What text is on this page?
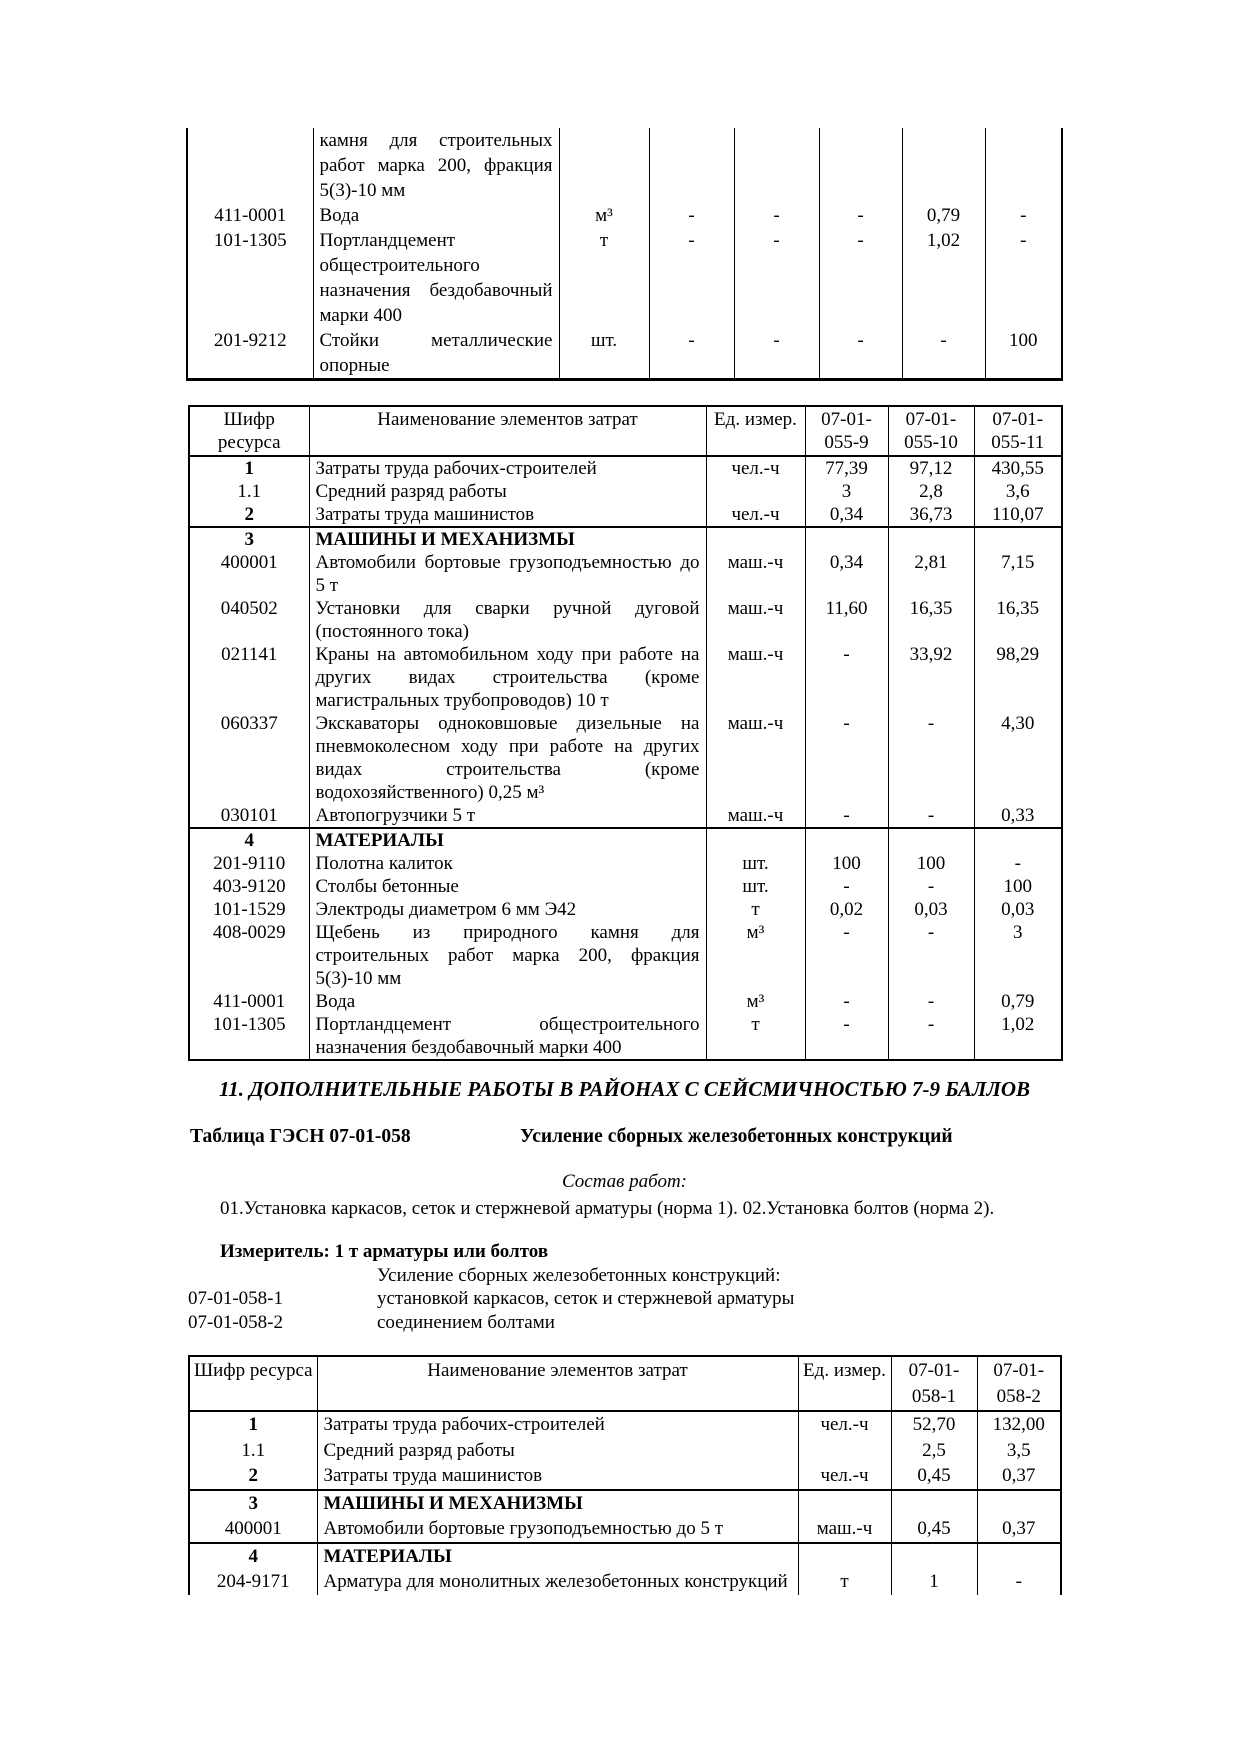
	камня для строительных работ марка 200, фракция 5(3)-10 мм						
411-0001	Вода	м³	-	-	-	0,79	-
101-1305	Портландцемент общестроительного назначения бездобавочный марки 400	т	-	-	-	1,02	-
201-9212	Стойки металлические опорные	шт.	-	-	-	-	100
Шифр ресурса	Наименование элементов затрат	Ед. измер.	07-01-055-9	07-01-055-10	07-01-055-11
1	Затраты труда рабочих-строителей	чел.-ч	77,39	97,12	430,55
1.1	Средний разряд работы		3	2,8	3,6
2	Затраты труда машинистов	чел.-ч	0,34	36,73	110,07
3	МАШИНЫ И МЕХАНИЗМЫ				
400001	Автомобили бортовые грузоподъемностью до 5 т	маш.-ч	0,34	2,81	7,15
040502	Установки для сварки ручной дуговой (постоянного тока)	маш.-ч	11,60	16,35	16,35
021141	Краны на автомобильном ходу при работе на других видах строительства (кроме магистральных трубопроводов) 10 т	маш.-ч	-	33,92	98,29
060337	Экскаваторы одноковшовые дизельные на пневмоколесном ходу при работе на других видах строительства (кроме водохозяйственного) 0,25 м³	маш.-ч	-	-	4,30
030101	Автопогрузчики 5 т	маш.-ч	-	-	0,33
4	МАТЕРИАЛЫ				
201-9110	Полотна калиток	шт.	100	100	-
403-9120	Столбы бетонные	шт.	-	-	100
101-1529	Электроды диаметром 6 мм Э42	т	0,02	0,03	0,03
408-0029	Щебень из природного камня для строительных работ марка 200, фракция 5(3)-10 мм	м³	-	-	3
411-0001	Вода	м³	-	-	0,79
101-1305	Портландцемент общестроительного назначения бездобавочный марки 400	т	-	-	1,02
11. ДОПОЛНИТЕЛЬНЫЕ РАБОТЫ В РАЙОНАХ С СЕЙСМИЧНОСТЬЮ 7-9 БАЛЛОВ
Таблица ГЭСН 07-01-058	Усиление сборных железобетонных конструкций
Состав работ:
01.Установка каркасов, сеток и стержневой арматуры (норма 1). 02.Установка болтов (норма 2).
Измеритель: 1 т арматуры или болтов
Усиление сборных железобетонных конструкций:
07-01-058-1	установкой каркасов, сеток и стержневой арматуры
07-01-058-2	соединением болтами
Шифр ресурса	Наименование элементов затрат	Ед. измер.	07-01-058-1	07-01-058-2
1	Затраты труда рабочих-строителей	чел.-ч	52,70	132,00
1.1	Средний разряд работы		2,5	3,5
2	Затраты труда машинистов	чел.-ч	0,45	0,37
3	МАШИНЫ И МЕХАНИЗМЫ			
400001	Автомобили бортовые грузоподъемностью до 5 т	маш.-ч	0,45	0,37
4	МАТЕРИАЛЫ			
204-9171	Арматура для монолитных железобетонных конструкций	т	1	-
